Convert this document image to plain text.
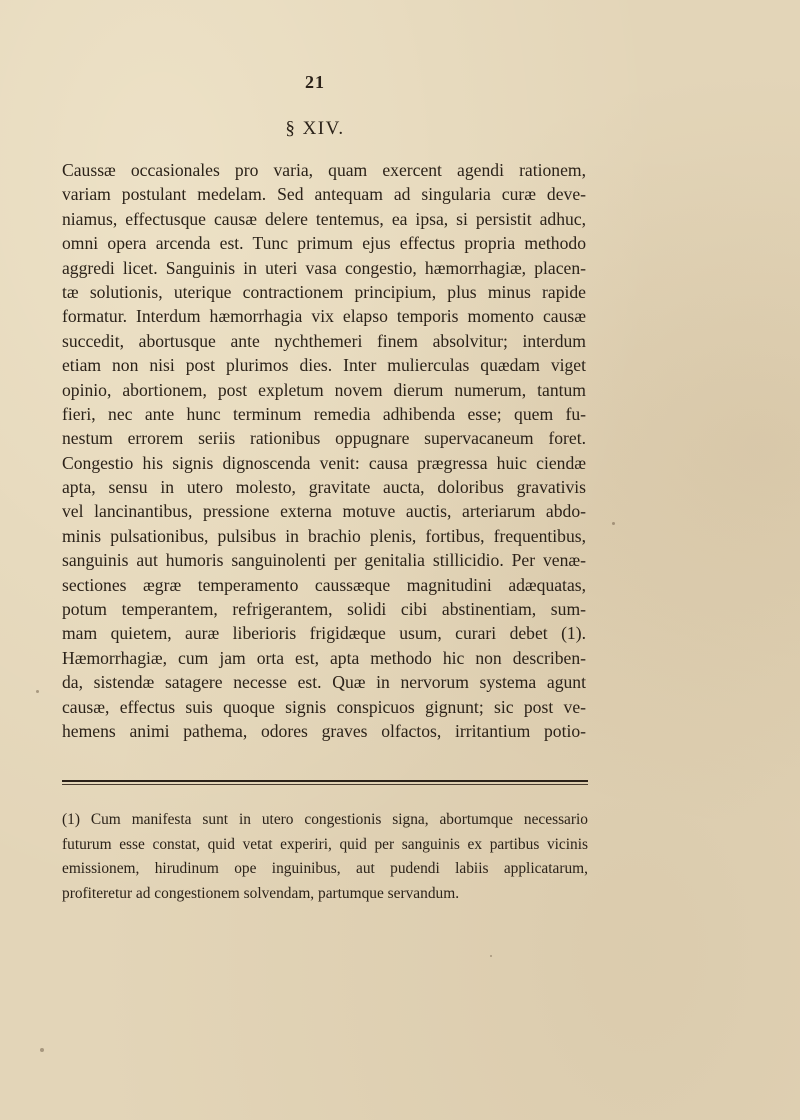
21
§ XIV.
Caussæ occasionales pro varia, quam exercent agendi rationem,
variam postulant medelam. Sed antequam ad singularia curæ deve-
niamus, effectusque causæ delere tentemus, ea ipsa, si persistit adhuc,
omni opera arcenda est. Tunc primum ejus effectus propria methodo
aggredi licet. Sanguinis in uteri vasa congestio, hæmorrhagiæ, placen-
tæ solutionis, uterique contractionem principium, plus minus rapide
formatur. Interdum hæmorrhagia vix elapso temporis momento causæ
succedit, abortusque ante nychthemeri finem absolvitur; interdum
etiam non nisi post plurimos dies. Inter mulierculas quædam viget
opinio, abortionem, post expletum novem dierum numerum, tantum
fieri, nec ante hunc terminum remedia adhibenda esse; quem fu-
nestum errorem seriis rationibus oppugnare supervacaneum foret.
Congestio his signis dignoscenda venit: causa prægressa huic ciendæ
apta, sensu in utero molesto, gravitate aucta, doloribus gravativis
vel lancinantibus, pressione externa motuve auctis, arteriarum abdo-
minis pulsationibus, pulsibus in brachio plenis, fortibus, frequentibus,
sanguinis aut humoris sanguinolenti per genitalia stillicidio. Per venæ-
sectiones ægræ temperamento caussæque magnitudini adæquatas,
potum temperantem, refrigerantem, solidi cibi abstinentiam, sum-
mam quietem, auræ liberioris frigidæque usum, curari debet (1).
Hæmorrhagiæ, cum jam orta est, apta methodo hic non describen-
da, sistendæ satagere necesse est. Quæ in nervorum systema agunt
causæ, effectus suis quoque signis conspicuos gignunt; sic post ve-
hemens animi pathema, odores graves olfactos, irritantium potio-
(1) Cum manifesta sunt in utero congestionis signa, abortumque necessario
futurum esse constat, quid vetat experiri, quid per sanguinis ex partibus vicinis
emissionem, hirudinum ope inguinibus, aut pudendi labiis applicatarum,
profiteretur ad congestionem solvendam, partumque servandum.
